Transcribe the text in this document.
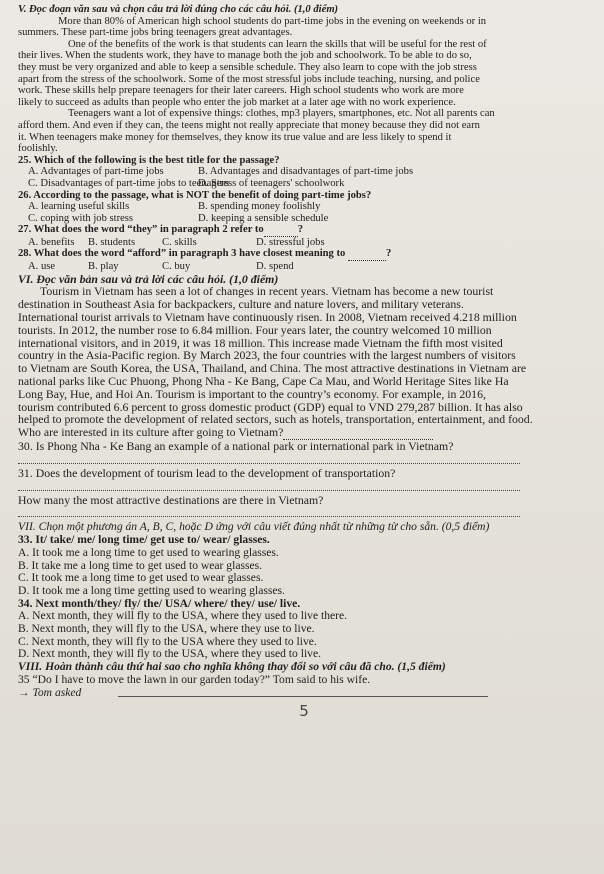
V. Đọc đoạn văn sau và chọn câu trả lời đúng cho các câu hỏi. (1,0 điểm)

More than 80% of American high school students do part-time jobs in the evening on weekends or in

summers. These part-time jobs bring teenagers great advantages.

One of the benefits of the work is that students can learn the skills that will be useful for the rest of

their lives. When the students work, they have to manage both the job and schoolwork. To be able to do so,

they must be very organized and able to keep a sensible schedule. They also learn to cope with the job stress

apart from the stress of the schoolwork. Some of the most stressful jobs include teaching, nursing, and police

work. These skills help prepare teenagers for their later careers. High school students who work are more

likely to succeed as adults than people who enter the job market at a later age with no work experience.

Teenagers want a lot of expensive things: clothes, mp3 players, smartphones, etc. Not all parents can

afford them. And even if they can, the teens might not really appreciate that money because they did not earn

it. When teenagers make money for themselves, they know its true value and are less likely to spend it

foolishly.

25. Which of the following is the best title for the passage?

A. Advantages of part-time jobs	B. Advantages and disadvantages of part-time jobs
C. Disadvantages of part-time jobs to teenagers
D. Stress of teenagers' schoolwork

26. According to the passage, what is NOT the benefit of doing part-time jobs?

A. learning useful skills	B. spending money foolishly
C. coping with job stress	D. keeping a sensible schedule

27. What does the word “they” in paragraph 2 refer to	?

A. benefits	B. students	C. skills	D. stressful jobs

28. What does the word “afford” in paragraph 3 have closest meaning to	?

A. use	B. play	C. buy	D. spend

VI. Đọc văn bản sau và trả lời các câu hỏi. (1,0 điểm)

Tourism in Vietnam has seen a lot of changes in recent years. Vietnam has become a new tourist

destination in Southeast Asia for backpackers, culture and nature lovers, and military veterans.

International tourist arrivals to Vietnam have continuously risen. In 2008, Vietnam received 4.218 million

tourists. In 2012, the number rose to 6.84 million. Four years later, the country welcomed 10 million

international visitors, and in 2019, it was 18 million. This increase made Vietnam the fifth most visited

country in the Asia-Pacific region. By March 2023, the four countries with the largest numbers of visitors

to Vietnam are South Korea, the USA, Thailand, and China. The most attractive destinations in Vietnam are

national parks like Cuc Phuong, Phong Nha - Ke Bang, Cape Ca Mau, and World Heritage Sites like Ha

Long Bay, Hue, and Hoi An. Tourism is important to the country’s economy. For example, in 2016,

tourism contributed 6.6 percent to gross domestic product (GDP) equal to VND 279,287 billion. It has also

helped to promote the development of related sectors, such as hotels, transportation, entertainment, and food.

Who are interested in its culture after going to Vietnam?

30. Is Phong Nha - Ke Bang an example of a national park or international park in Vietnam?

31. Does the development of tourism lead to the development of transportation?

How many the most attractive destinations are there in Vietnam?

VII. Chọn một phương án A, B, C, hoặc D ứng với câu viết đúng nhất từ những từ cho sẵn. (0,5 điểm)

33. It/ take/ me/ long time/ get use to/ wear/ glasses.

A. It took me a long time to get used to wearing glasses.

B. It take me a long time to get used to wear glasses.

C. It took me a long time to get used to wear glasses.

D. It took me a long time getting used to wearing glasses.

34. Next month/they/ fly/ the/ USA/ where/ they/ use/ live.

A. Next month, they will fly to the USA, where they used to live there.

B. Next month, they will fly to the USA, where they use to live.

C. Next month, they will fly to the USA where they used to live.

D. Next month, they will fly to the USA, where they used to live.

VIII. Hoàn thành câu thứ hai sao cho nghĩa không thay đổi so với câu đã cho. (1,5 điểm)

35 “Do I have to move the lawn in our garden today?” Tom said to his wife.

→ Tom asked

5
